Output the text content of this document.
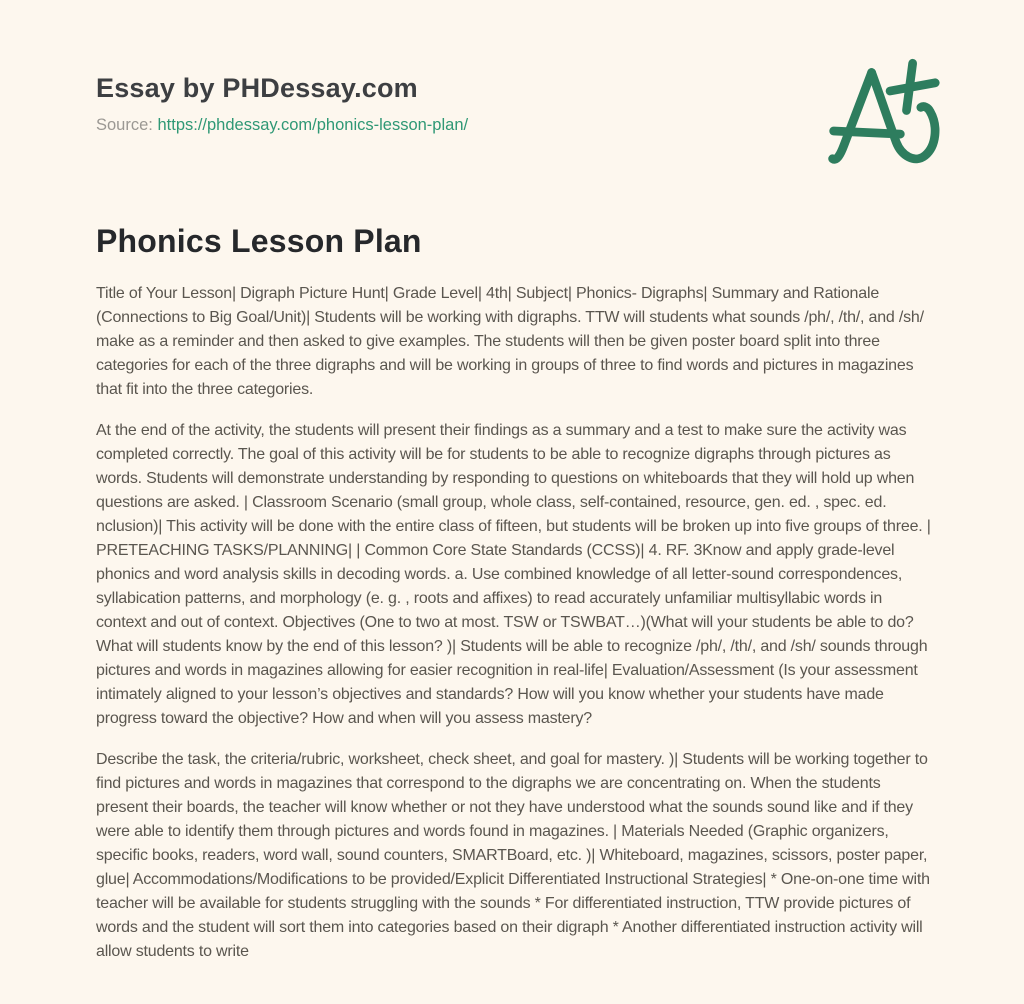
Essay by PHDessay.com
Source: https://phdessay.com/phonics-lesson-plan/
Phonics Lesson Plan

Title of Your Lesson| Digraph Picture Hunt| Grade Level| 4th| Subject| Phonics- Digraphs| Summary and Rationale (Connections to Big Goal/Unit)| Students will be working with digraphs. TTW will students what sounds /ph/, /th/, and /sh/ make as a reminder and then asked to give examples. The students will then be given poster board split into three categories for each of the three digraphs and will be working in groups of three to find words and pictures in magazines that fit into the three categories.

At the end of the activity, the students will present their findings as a summary and a test to make sure the activity was completed correctly. The goal of this activity will be for students to be able to recognize digraphs through pictures as words. Students will demonstrate understanding by responding to questions on whiteboards that they will hold up when questions are asked. | Classroom Scenario (small group, whole class, self-contained, resource, gen. ed. , spec. ed. nclusion)| This activity will be done with the entire class of fifteen, but students will be broken up into five groups of three. | PRETEACHING TASKS/PLANNING| | Common Core State Standards (CCSS)| 4. RF. 3Know and apply grade-level phonics and word analysis skills in decoding words. a. Use combined knowledge of all letter-sound correspondences, syllabication patterns, and morphology (e. g. , roots and affixes) to read accurately unfamiliar multisyllabic words in context and out of context. Objectives (One to two at most. TSW or TSWBAT…)(What will your students be able to do? What will students know by the end of this lesson? )| Students will be able to recognize /ph/, /th/, and /sh/ sounds through pictures and words in magazines allowing for easier recognition in real-life| Evaluation/Assessment (Is your assessment intimately aligned to your lesson’s objectives and standards? How will you know whether your students have made progress toward the objective? How and when will you assess mastery?

Describe the task, the criteria/rubric, worksheet, check sheet, and goal for mastery. )| Students will be working together to find pictures and words in magazines that correspond to the digraphs we are concentrating on. When the students present their boards, the teacher will know whether or not they have understood what the sounds sound like and if they were able to identify them through pictures and words found in magazines. | Materials Needed (Graphic organizers, specific books, readers, word wall, sound counters, SMARTBoard, etc. )| Whiteboard, magazines, scissors, poster paper, glue| Accommodations/Modifications to be provided/Explicit Differentiated Instructional Strategies| * One-on-one time with teacher will be available for students struggling with the sounds * For differentiated instruction, TTW provide pictures of words and the student will sort them into categories based on their digraph * Another differentiated instruction activity will allow students to write
